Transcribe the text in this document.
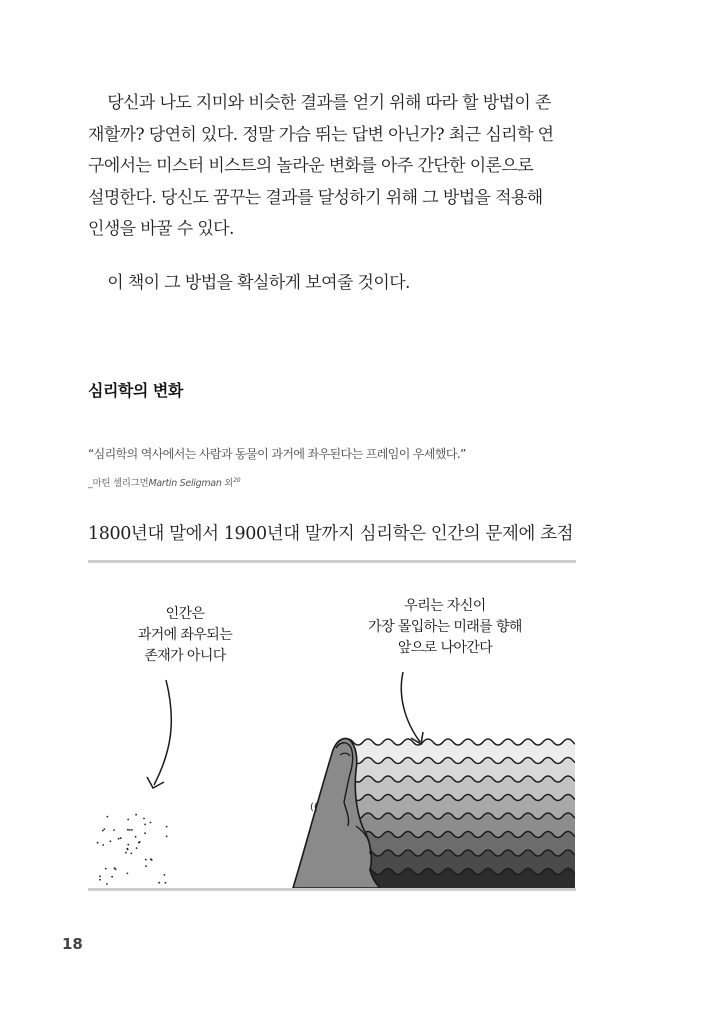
당신과 나도 지미와 비슷한 결과를 얻기 위해 따라 할 방법이 존
재할까? 당연히 있다. 정말 가슴 뛰는 답변 아닌가? 최근 심리학 연
구에서는 미스터 비스트의 놀라운 변화를 아주 간단한 이론으로
설명한다. 당신도 꿈꾸는 결과를 달성하기 위해 그 방법을 적용해
인생을 바꿀 수 있다.
이 책이 그 방법을 확실하게 보여줄 것이다.
심리학의 변화

“심리학의 역사에서는 사람과 동물이 과거에 좌우된다는 프레임이 우세했다.”

_마틴 셀리그먼Martin Seligman 외$^{20}$

1800년대 말에서 1900년대 말까지 심리학은 인간의 문제에 초점

((
인간은
과거에 좌우되는
존재가 아니다
우리는 자신이
가장 몰입하는 미래를 향해
앞으로 나아간다

18
